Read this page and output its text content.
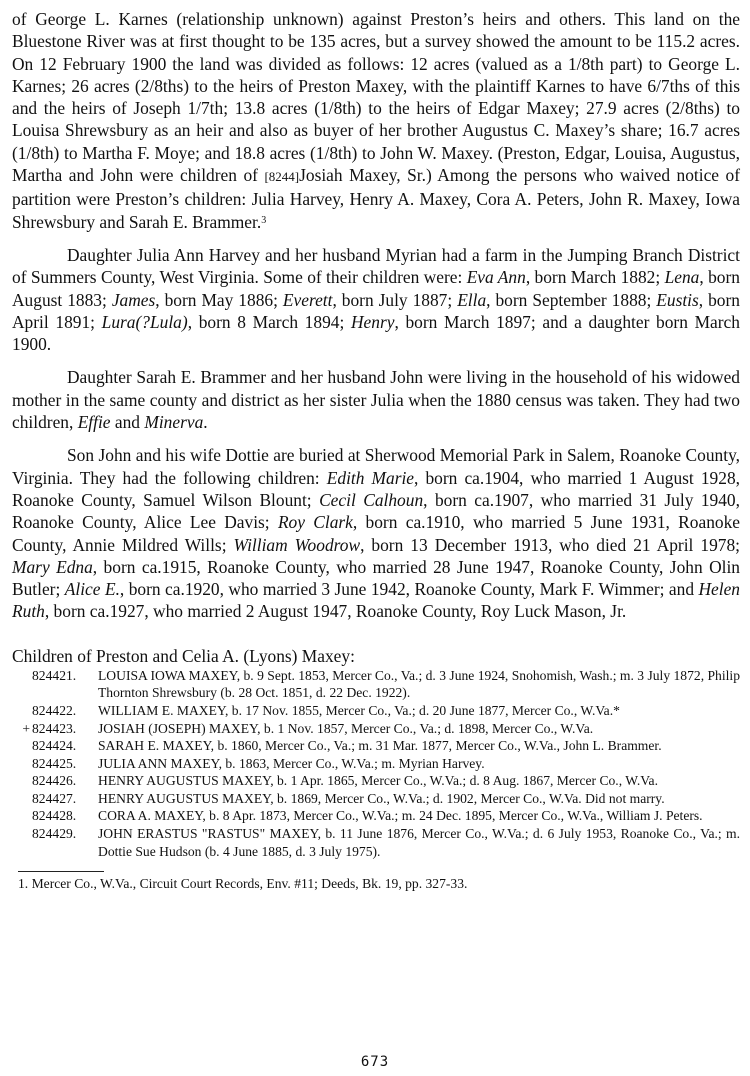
of George L. Karnes (relationship unknown) against Preston’s heirs and others. This land on the Bluestone River was at first thought to be 135 acres, but a survey showed the amount to be 115.2 acres. On 12 February 1900 the land was divided as follows: 12 acres (valued as a 1/8th part) to George L. Karnes; 26 acres (2/8ths) to the heirs of Preston Maxey, with the plaintiff Karnes to have 6/7ths of this and the heirs of Joseph 1/7th; 13.8 acres (1/8th) to the heirs of Edgar Maxey; 27.9 acres (2/8ths) to Louisa Shrewsbury as an heir and also as buyer of her brother Augustus C. Maxey’s share; 16.7 acres (1/8th) to Martha F. Moye; and 18.8 acres (1/8th) to John W. Maxey. (Preston, Edgar, Louisa, Augustus, Martha and John were children of [8244]Josiah Maxey, Sr.) Among the persons who waived notice of partition were Preston’s children: Julia Harvey, Henry A. Maxey, Cora A. Peters, John R. Maxey, Iowa Shrewsbury and Sarah E. Brammer.$^3$

Daughter Julia Ann Harvey and her husband Myrian had a farm in the Jumping Branch District of Summers County, West Virginia. Some of their children were: Eva Ann, born March 1882; Lena, born August 1883; James, born May 1886; Everett, born July 1887; Ella, born September 1888; Eustis, born April 1891; Lura(?Lula), born 8 March 1894; Henry, born March 1897; and a daughter born March 1900.

Daughter Sarah E. Brammer and her husband John were living in the household of his widowed mother in the same county and district as her sister Julia when the 1880 census was taken. They had two children, Effie and Minerva.

Son John and his wife Dottie are buried at Sherwood Memorial Park in Salem, Roanoke County, Virginia. They had the following children: Edith Marie, born ca.1904, who married 1 August 1928, Roanoke County, Samuel Wilson Blount; Cecil Calhoun, born ca.1907, who married 31 July 1940, Roanoke County, Alice Lee Davis; Roy Clark, born ca.1910, who married 5 June 1931, Roanoke County, Annie Mildred Wills; William Woodrow, born 13 December 1913, who died 21 April 1978; Mary Edna, born ca.1915, Roanoke County, who married 28 June 1947, Roanoke County, John Olin Butler; Alice E., born ca.1920, who married 3 June 1942, Roanoke County, Mark F. Wimmer; and Helen Ruth, born ca.1927, who married 2 August 1947, Roanoke County, Roy Luck Mason, Jr.

Children of Preston and Celia A. (Lyons) Maxey:
824421.	LOUISA IOWA MAXEY, b. 9 Sept. 1853, Mercer Co., Va.; d. 3 June 1924, Snohomish, Wash.; m. 3 July 1872, Philip Thornton Shrewsbury (b. 28 Oct. 1851, d. 22 Dec. 1922).
824422.	WILLIAM E. MAXEY, b. 17 Nov. 1855, Mercer Co., Va.; d. 20 June 1877, Mercer Co., W.Va.*
+ 824423.	JOSIAH (JOSEPH) MAXEY, b. 1 Nov. 1857, Mercer Co., Va.; d. 1898, Mercer Co., W.Va.
824424.	SARAH E. MAXEY, b. 1860, Mercer Co., Va.; m. 31 Mar. 1877, Mercer Co., W.Va., John L. Brammer.
824425.	JULIA ANN MAXEY, b. 1863, Mercer Co., W.Va.; m. Myrian Harvey.
824426.	HENRY AUGUSTUS MAXEY, b. 1 Apr. 1865, Mercer Co., W.Va.; d. 8 Aug. 1867, Mercer Co., W.Va.
824427.	HENRY AUGUSTUS MAXEY, b. 1869, Mercer Co., W.Va.; d. 1902, Mercer Co., W.Va. Did not marry.
824428.	CORA A. MAXEY, b. 8 Apr. 1873, Mercer Co., W.Va.; m. 24 Dec. 1895, Mercer Co., W.Va., William J. Peters.
824429.	JOHN ERASTUS "RASTUS" MAXEY, b. 11 June 1876, Mercer Co., W.Va.; d. 6 July 1953, Roanoke Co., Va.; m. Dottie Sue Hudson (b. 4 June 1885, d. 3 July 1975).
1. Mercer Co., W.Va., Circuit Court Records, Env. #11; Deeds, Bk. 19, pp. 327-33.
673
